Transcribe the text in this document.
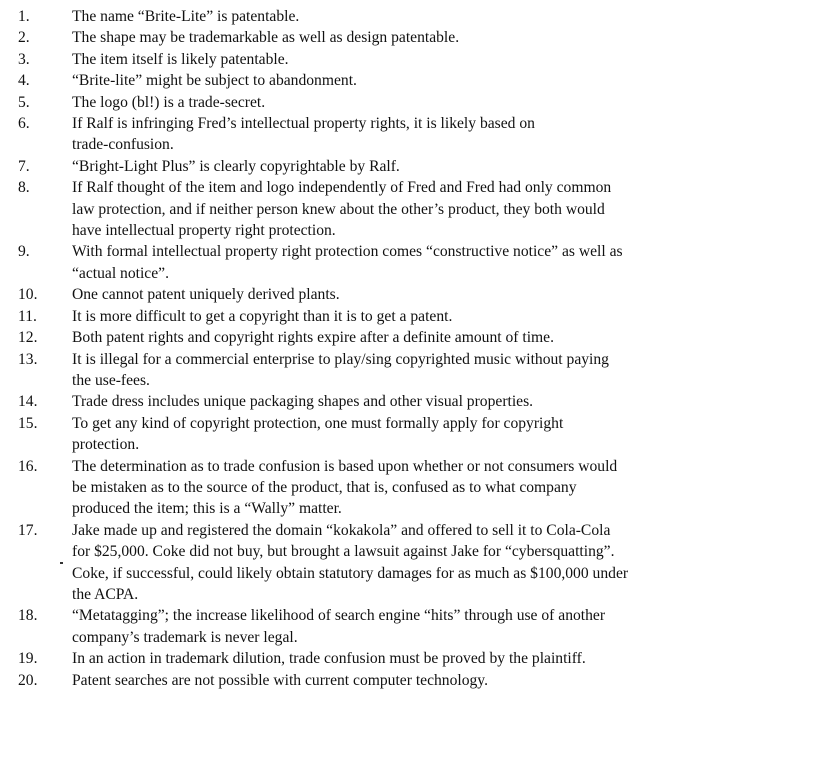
1.	The name “Brite-Lite” is patentable.
2.	The shape may be trademarkable as well as design patentable.
3.	The item itself is likely patentable.
4.	“Brite-lite” might be subject to abandonment.
5.	The logo (bl!) is a trade-secret.
6.	If Ralf is infringing Fred’s intellectual property rights, it is likely based on
trade-confusion.
7.	“Bright-Light Plus” is clearly copyrightable by Ralf.
8.	If Ralf thought of the item and logo independently of Fred and Fred had only common
law protection, and if neither person knew about the other’s product, they both would
have intellectual property right protection.
9.	With formal intellectual property right protection comes “constructive notice” as well as
“actual notice”.
10.	One cannot patent uniquely derived plants.
11.	It is more difficult to get a copyright than it is to get a patent.
12.	Both patent rights and copyright rights expire after a definite amount of time.
13.	It is illegal for a commercial enterprise to play/sing copyrighted music without paying
the use-fees.
14.	Trade dress includes unique packaging shapes and other visual properties.
15.	To get any kind of copyright protection, one must formally apply for copyright
protection.
16.	The determination as to trade confusion is based upon whether or not consumers would
be mistaken as to the source of the product, that is, confused as to what company
produced the item; this is a “Wally” matter.
17.	Jake made up and registered the domain “kokakola” and offered to sell it to Cola-Cola
for $25,000. Coke did not buy, but brought a lawsuit against Jake for “cybersquatting”.
Coke, if successful, could likely obtain statutory damages for as much as $100,000 under
the ACPA.
18.	“Metatagging”; the increase likelihood of search engine “hits” through use of another
company’s trademark is never legal.
19.	In an action in trademark dilution, trade confusion must be proved by the plaintiff.
20.	Patent searches are not possible with current computer technology.
